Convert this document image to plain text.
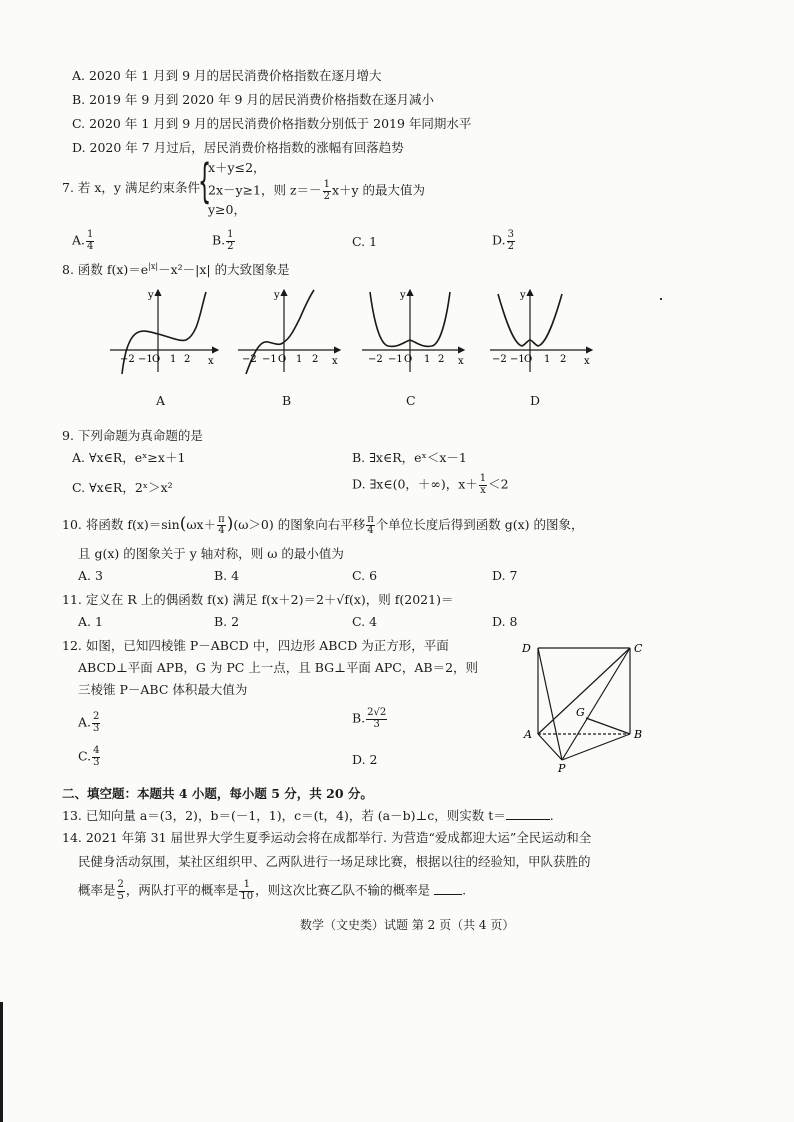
A. 2020 年 1 月到 9 月的居民消费价格指数在逐月增大
B. 2019 年 9 月到 2020 年 9 月的居民消费价格指数在逐月减小
C. 2020 年 1 月到 9 月的居民消费价格指数分别低于 2019 年同期水平
D. 2020 年 7 月过后，居民消费价格指数的涨幅有回落趋势
7. 若 x，y 满足约束条件
{
x＋y≤2，
2x－y≥1，则 $z=- \frac{1}{2} x+y$ 的最大值为
y≥0，
A. $\frac{1}{4}$	B. $\frac{1}{2}$	C. 1	D. $\frac{3}{2}$
8. 函数 $f(x)=e^{|x|}-x^2-|x|$ 的大致图象是
y
x
−2 −1 O 1 2
y
x
−2 −1 O 1 2
y
x
−2 −1 O 1 2
y
x
−2 −1 O 1 2
A	B	C	D
9. 下列命题为真命题的是
A. ∀x∈R，eˣ≥x＋1	B. ∃x∈R，eˣ＜x－1
C. ∀x∈R，2ˣ＞x²	D. ∃x∈(0，＋∞)，$x+ \frac{1}{x} <2$
10. 将函数 $f(x)=\sin(\omega x+ \frac{\pi}{4} )(\omega>0)$ 的图象向右平移 $\frac{\pi}{4}$ 个单位长度后得到函数 g(x) 的图象，
且 g(x) 的图象关于 y 轴对称，则 ω 的最小值为
A. 3	B. 4	C. 6	D. 7
11. 定义在 R 上的偶函数 f(x) 满足 f(x＋2)＝2＋√f(x)，则 f(2021)＝
A. 1	B. 2	C. 4	D. 8
12. 如图，已知四棱锥 P－ABCD 中，四边形 ABCD 为正方形，平面
ABCD⊥平面 APB，G 为 PC 上一点，且 BG⊥平面 APC，AB＝2，则
三棱锥 P－ABC 体积最大值为
A. $\frac{2}{3}$	B. $\frac{2√2}{3}$
C. $\frac{4}{3}$	D. 2
D	C
G
A	B
P
二、填空题：本题共 4 小题，每小题 5 分，共 20 分。
13. 已知向量 a＝(3，2)，b＝(－1，1)，c＝(t，4)，若 (a－b)⊥c，则实数 t＝	.
14. 2021 年第 31 届世界大学生夏季运动会将在成都举行. 为营造“爱成都迎大运”全民运动和全
民健身活动氛围，某社区组织甲、乙两队进行一场足球比赛，根据以往的经验知，甲队获胜的
概率是 $\frac{2}{5}$ ，两队打平的概率是 $\frac{1}{10}$ ，则这次比赛乙队不输的概率是	.
数学（文史类）试题 第 2 页（共 4 页）
